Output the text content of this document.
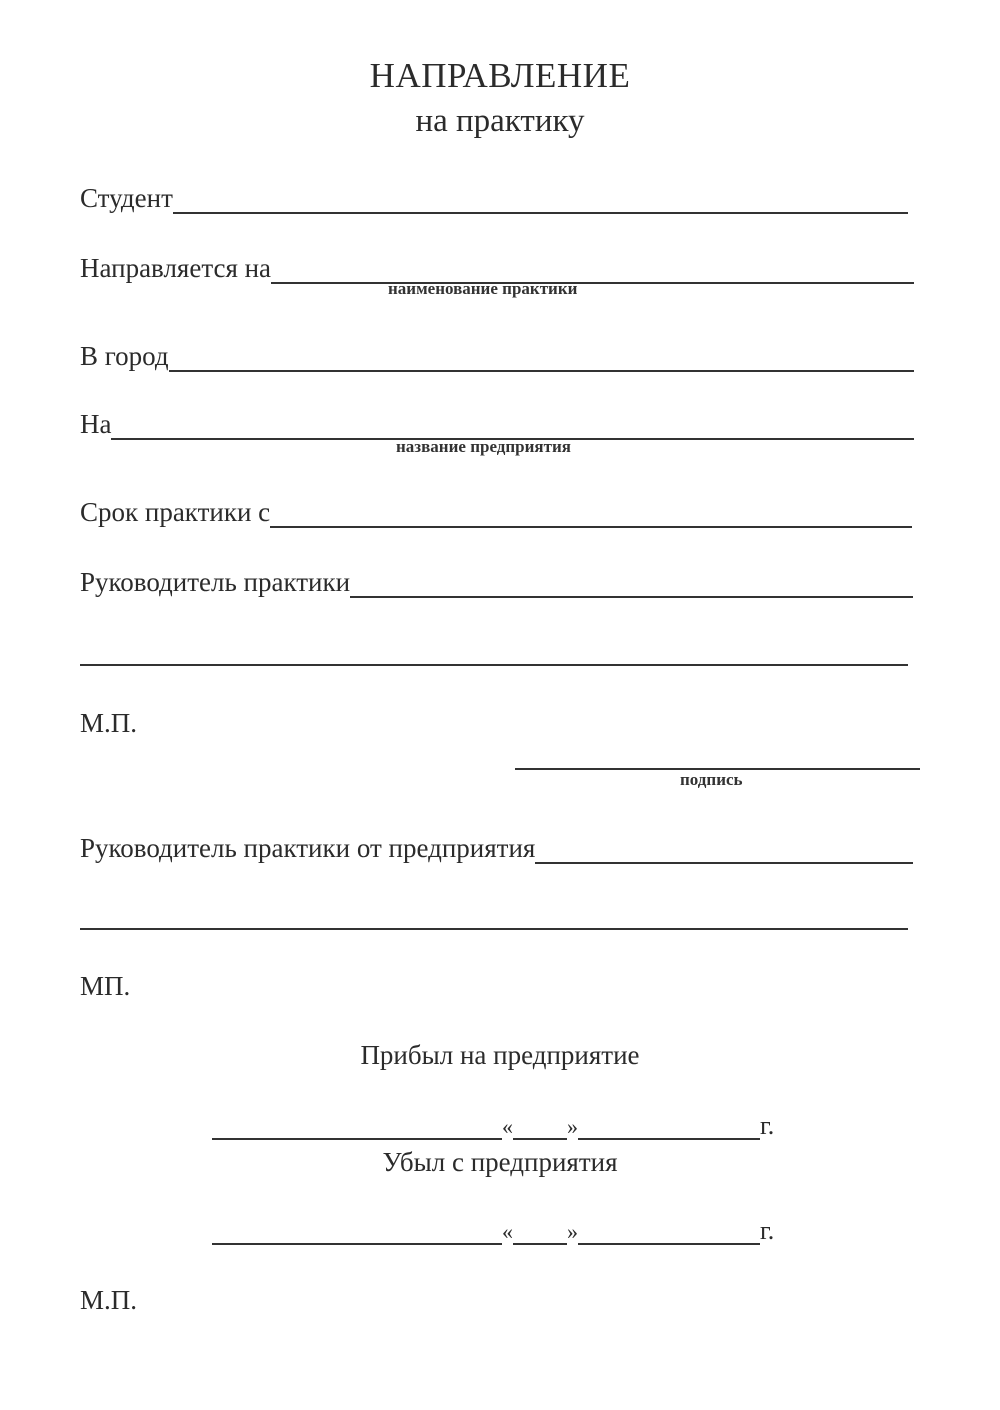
НАПРАВЛЕНИЕ
на практику
Студент
Направляется на
наименование практики
В город
На
название предприятия
Срок практики с
Руководитель практики
М.П.
подпись
Руководитель практики от предприятия
МП.
Прибыл на предприятие
« »	г.
Убыл с предприятия
« »	г.
М.П.
